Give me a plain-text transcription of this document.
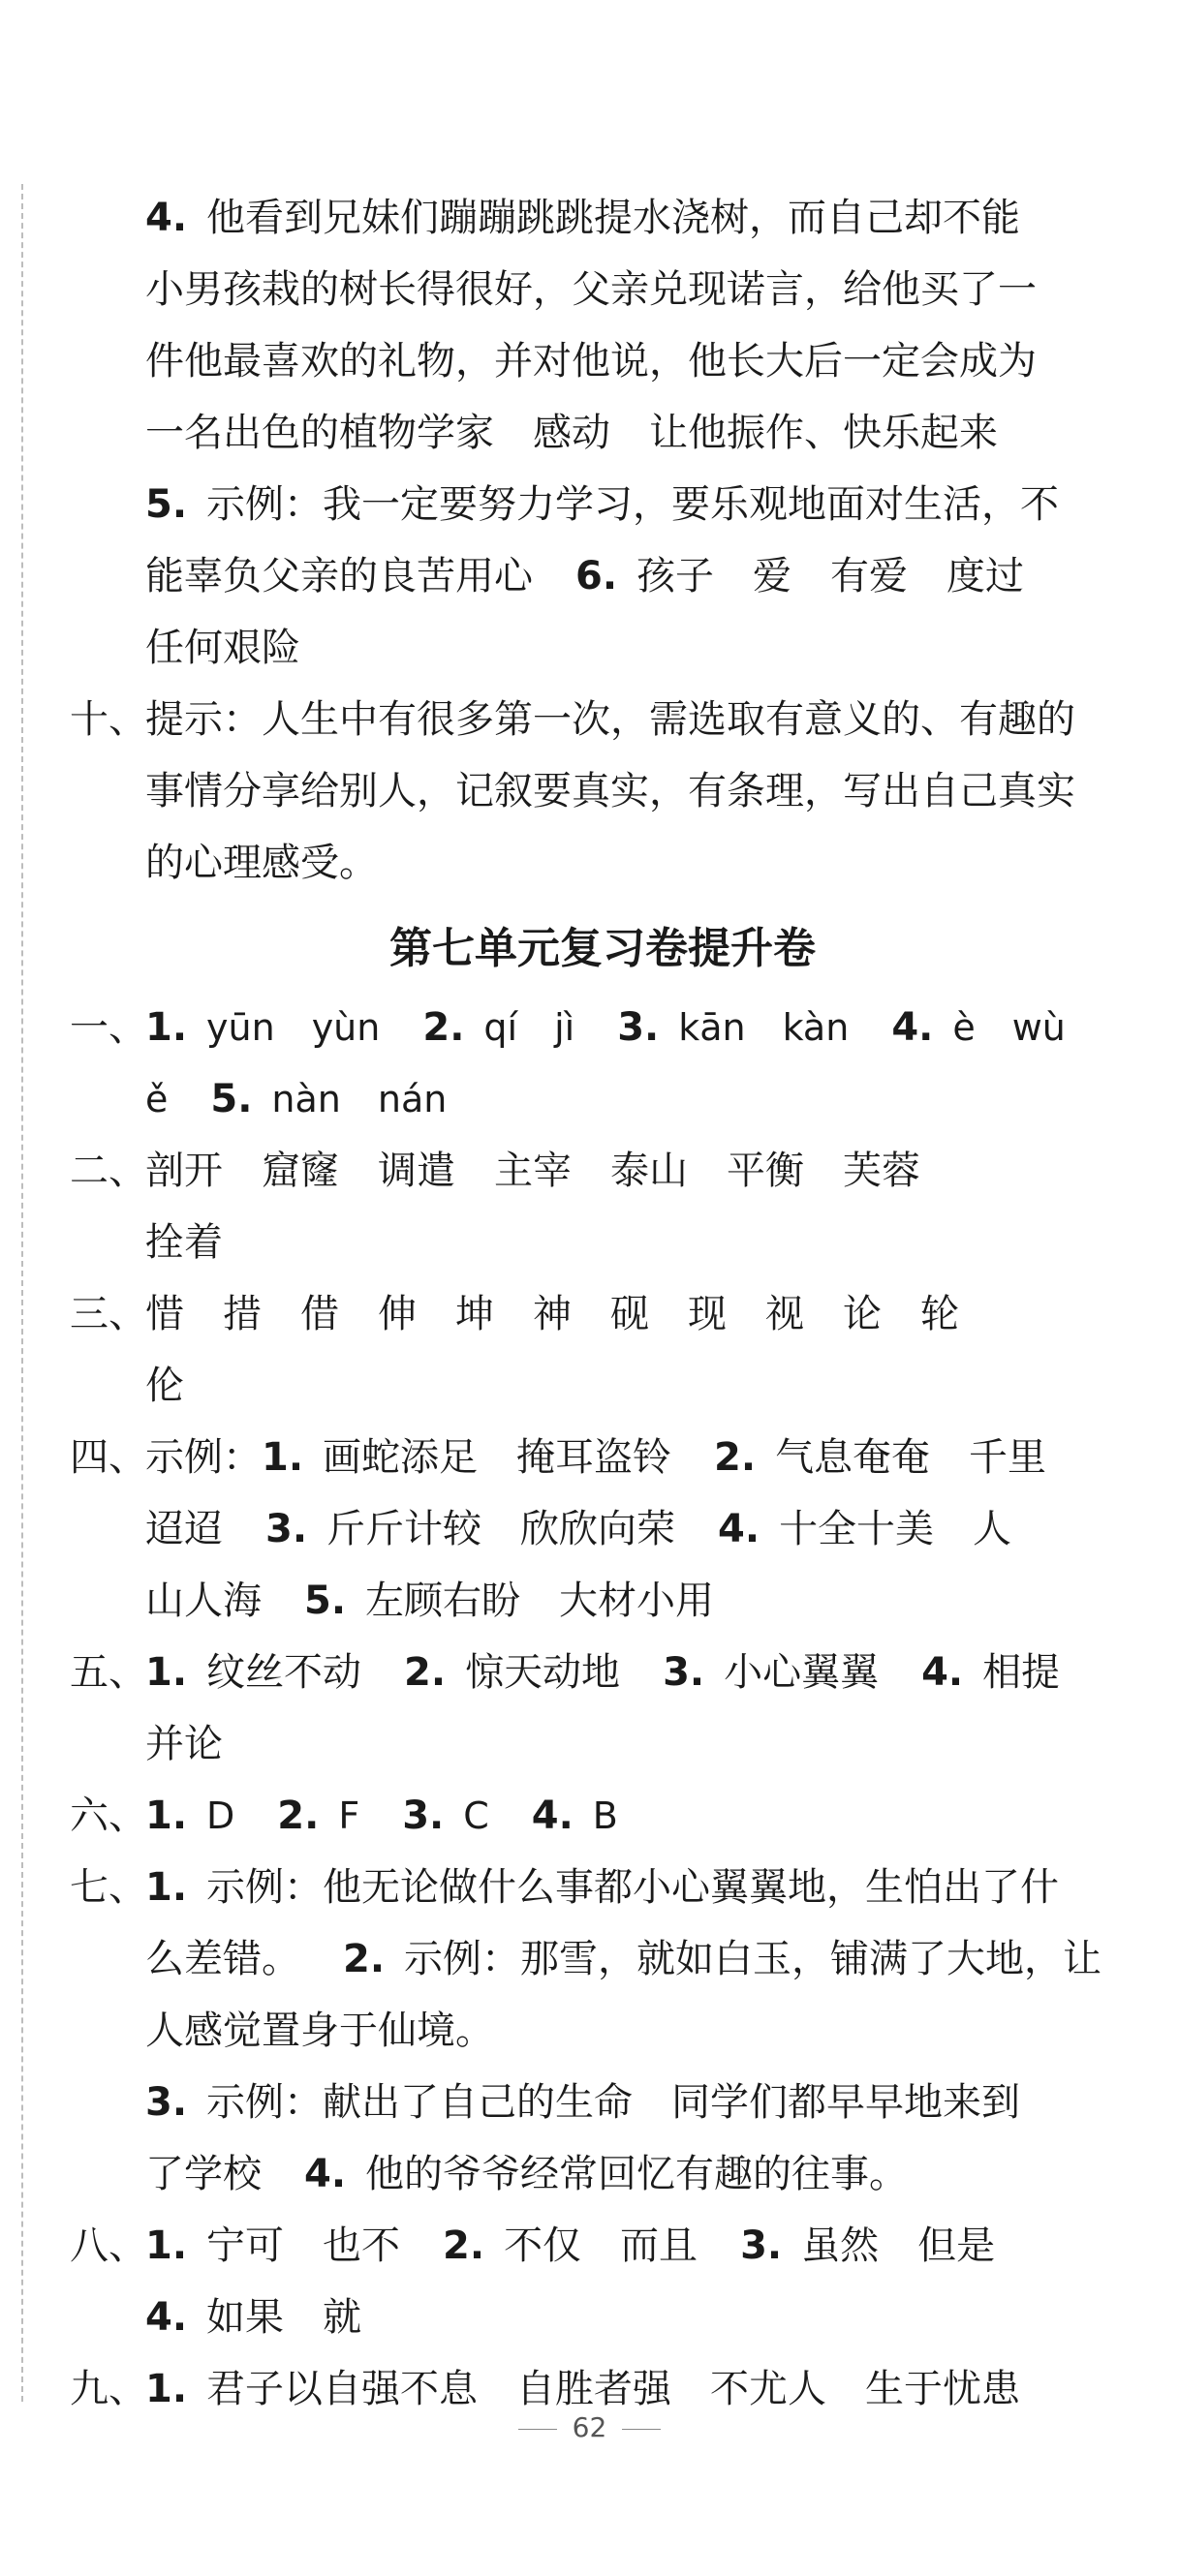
4. 他看到兄妹们蹦蹦跳跳提水浇树，而自己却不能

小男孩栽的树长得很好，父亲兑现诺言，给他买了一

件他最喜欢的礼物，并对他说，他长大后一定会成为

一名出色的植物学家　感动　让他振作、快乐起来

5. 示例：我一定要努力学习，要乐观地面对生活，不

能辜负父亲的良苦用心 6. 孩子　爱　有爱　度过

任何艰险

十、

提示：人生中有很多第一次，需选取有意义的、有趣的

事情分享给别人，记叙要真实，有条理，写出自己真实

的心理感受。

第七单元复习卷提升卷
一、

1. yūn　yùn 2. qí　jì 3. kān　kàn 4. è　wù

ě 5. nàn　nán

二、

剖开　窟窿　调遣　主宰　泰山　平衡　芙蓉

拴着

三、

惜　措　借　伸　坤　神　砚　现　视　论　轮

伦

四、

示例：1. 画蛇添足　掩耳盗铃 2. 气息奄奄　千里

迢迢 3. 斤斤计较　欣欣向荣 4. 十全十美　人

山人海 5. 左顾右盼　大材小用

五、

1. 纹丝不动 2. 惊天动地 3. 小心翼翼 4. 相提

并论

六、

1. D 2. F 3. C 4. B

七、

1. 示例：他无论做什么事都小心翼翼地，生怕出了什

么差错。 2. 示例：那雪，就如白玉，铺满了大地，让

人感觉置身于仙境。

3. 示例：献出了自己的生命　同学们都早早地来到

了学校 4. 他的爷爷经常回忆有趣的往事。

八、

1. 宁可　也不 2. 不仅　而且 3. 虽然　但是

4. 如果　就

九、

1. 君子以自强不息　自胜者强　不尤人　生于忧患

62
